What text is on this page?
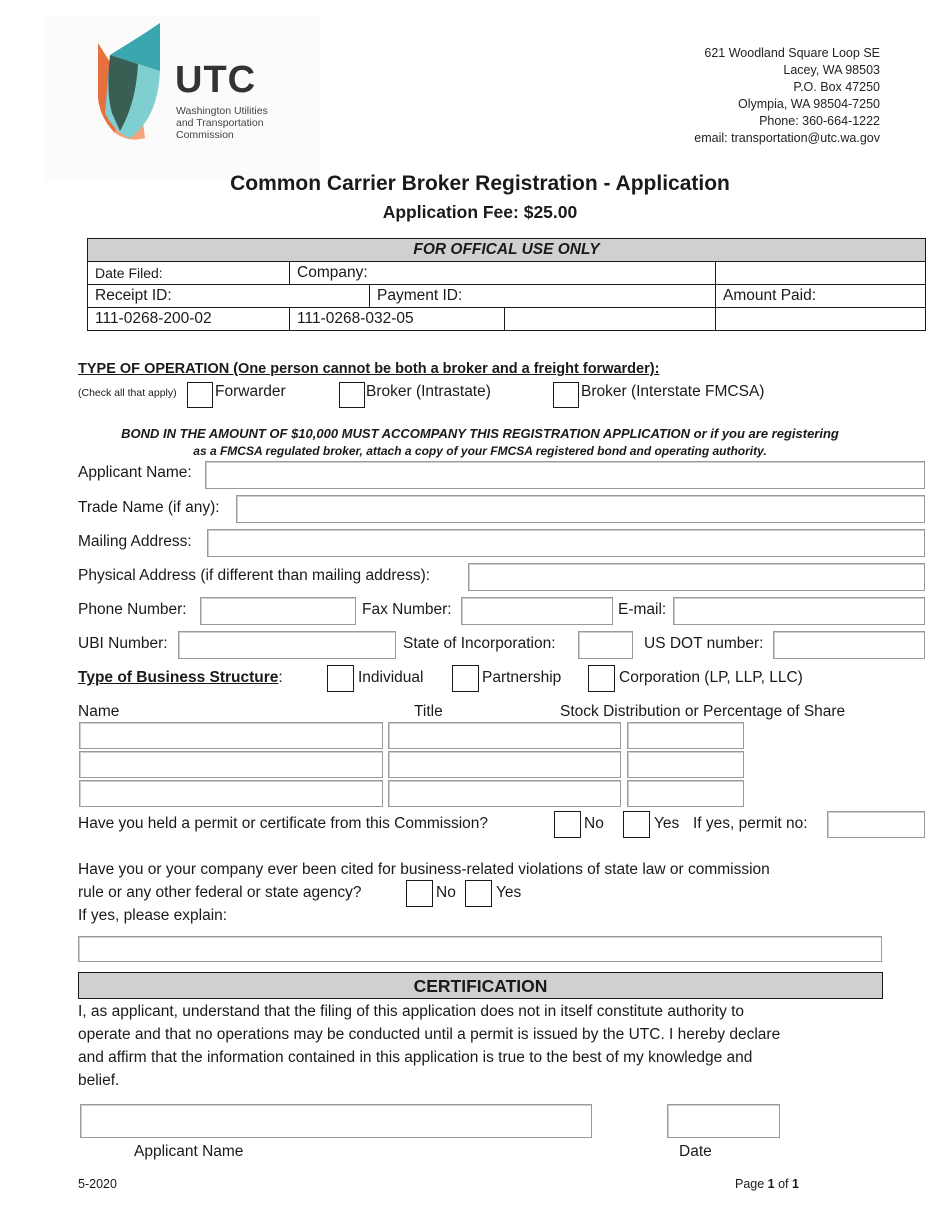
UTC
Washington Utilities
and Transportation
Commission
621 Woodland Square Loop SE
Lacey, WA 98503
P.O. Box 47250
Olympia, WA 98504-7250
Phone: 360-664-1222
email: transportation@utc.wa.gov
Common Carrier Broker Registration - Application
Application Fee: $25.00
FOR OFFICAL USE ONLY				
Date Filed:	Company:			
Receipt ID:		Payment ID:		Amount Paid:
111-0268-200-02	111-0268-032-05			
TYPE OF OPERATION (One person cannot be both a broker and a freight forwarder):
(Check all that apply) Forwarder	Broker (Intrastate)	Broker (Interstate FMCSA)
BOND IN THE AMOUNT OF $10,000 MUST ACCOMPANY THIS REGISTRATION APPLICATION or if you are registering
as a FMCSA regulated broker, attach a copy of your FMCSA registered bond and operating authority.
Applicant Name:
Trade Name (if any):
Mailing Address:
Physical Address (if different than mailing address):
Phone Number:	Fax Number:	E-mail:
UBI Number:	State of Incorporation:	US DOT number:
Type of Business Structure:	Individual	Partnership	Corporation (LP, LLP, LLC)
Name	Title	Stock Distribution or Percentage of Share
Have you held a permit or certificate from this Commission?	No	Yes If yes, permit no:
Have you or your company ever been cited for business-related violations of state law or commission
rule or any other federal or state agency?	No	Yes
If yes, please explain:
CERTIFICATION
I, as applicant, understand that the filing of this application does not in itself constitute authority to
operate and that no operations may be conducted until a permit is issued by the UTC. I hereby declare
and affirm that the information contained in this application is true to the best of my knowledge and
belief.
Applicant Name	Date
5-2020	Page 1 of 1
